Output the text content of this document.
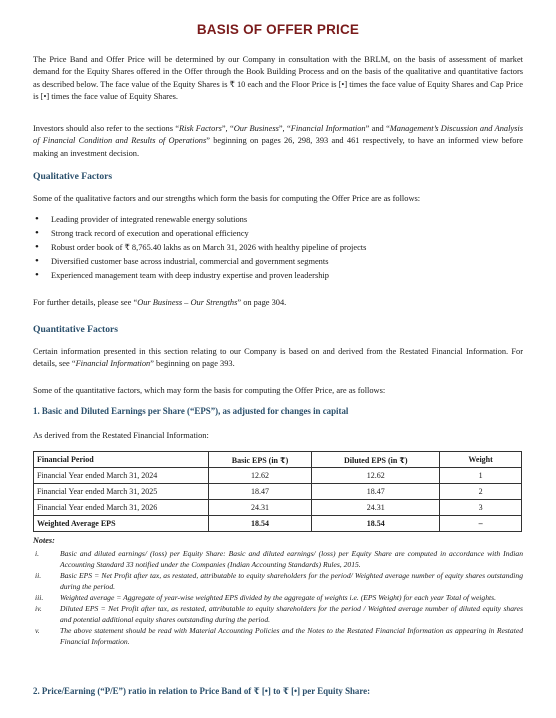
BASIS OF OFFER PRICE

The Price Band and Offer Price will be determined by our Company in consultation with the BRLM, on the basis of assessment of market demand for the Equity Shares offered in the Offer through the Book Building Process and on the basis of the qualitative and quantitative factors as described below. The face value of the Equity Shares is ₹ 10 each and the Floor Price is [•] times the face value of Equity Shares and Cap Price is [•] times the face value of Equity Shares.

Investors should also refer to the sections “Risk Factors”, “Our Business”, “Financial Information” and “Management’s Discussion and Analysis of Financial Condition and Results of Operations” beginning on pages 26, 298, 393 and 461 respectively, to have an informed view before making an investment decision.

Qualitative Factors

Some of the qualitative factors and our strengths which form the basis for computing the Offer Price are as follows:

• Leading provider of integrated renewable energy solutions
• Strong track record of execution and operational efficiency
• Robust order book of ₹ 8,765.40 lakhs as on March 31, 2026 with healthy pipeline of projects
• Diversified customer base across industrial, commercial and government segments
• Experienced management team with deep industry expertise and proven leadership

For further details, please see “Our Business – Our Strengths” on page 304.

Quantitative Factors

Certain information presented in this section relating to our Company is based on and derived from the Restated Financial Information. For details, see “Financial Information” beginning on page 393.

Some of the quantitative factors, which may form the basis for computing the Offer Price, are as follows:

1. Basic and Diluted Earnings per Share (“EPS”), as adjusted for changes in capital

As derived from the Restated Financial Information:

Financial Period	Basic EPS (in ₹)	Diluted EPS (in ₹)	Weight
Financial Year ended March 31, 2024	12.62	12.62	1
Financial Year ended March 31, 2025	18.47	18.47	2
Financial Year ended March 31, 2026	24.31	24.31	3
Weighted Average EPS	18.54	18.54	–
Notes:
i.	Basic and diluted earnings/ (loss) per Equity Share: Basic and diluted earnings/ (loss) per Equity Share are computed in accordance with Indian Accounting Standard 33 notified under the Companies (Indian Accounting Standards) Rules, 2015.
ii. Basic EPS = Net Profit after tax, as restated, attributable to equity shareholders for the period/ Weighted average number of equity shares outstanding during the period.
iii. Weighted average = Aggregate of year-wise weighted EPS divided by the aggregate of weights i.e. (EPS Weight) for each year Total of weights.
iv. Diluted EPS = Net Profit after tax, as restated, attributable to equity shareholders for the period / Weighted average number of diluted equity shares and potential additional equity shares outstanding during the period.
v.	The above statement should be read with Material Accounting Policies and the Notes to the Restated Financial Information as appearing in Restated Financial Information.
2. Price/Earning (“P/E”) ratio in relation to Price Band of ₹ [•] to ₹ [•] per Equity Share:
